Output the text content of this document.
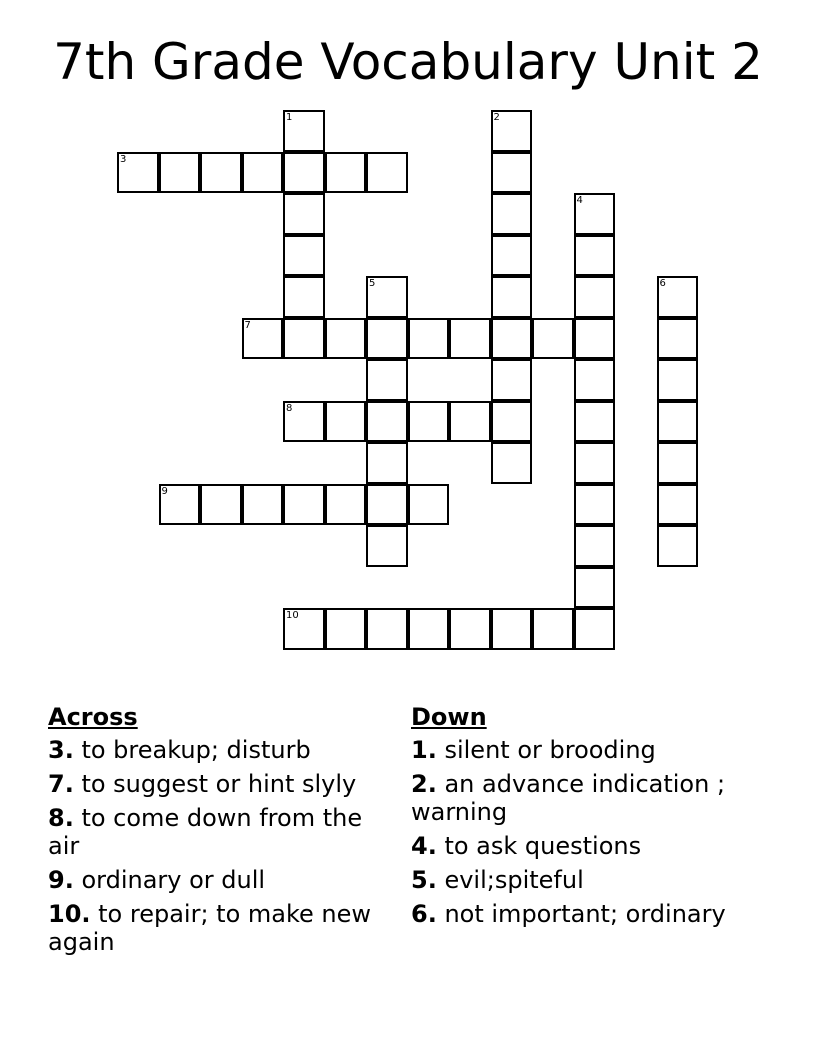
7th Grade Vocabulary Unit 2
1	2
3
4
5	6
7
8
9
10
Across
3. to breakup; disturb
7. to suggest or hint slyly
8. to come down from the air
9. ordinary or dull
10. to repair; to make new again
Down
1. silent or brooding
2. an advance indication ; warning
4. to ask questions
5. evil;spiteful
6. not important; ordinary
